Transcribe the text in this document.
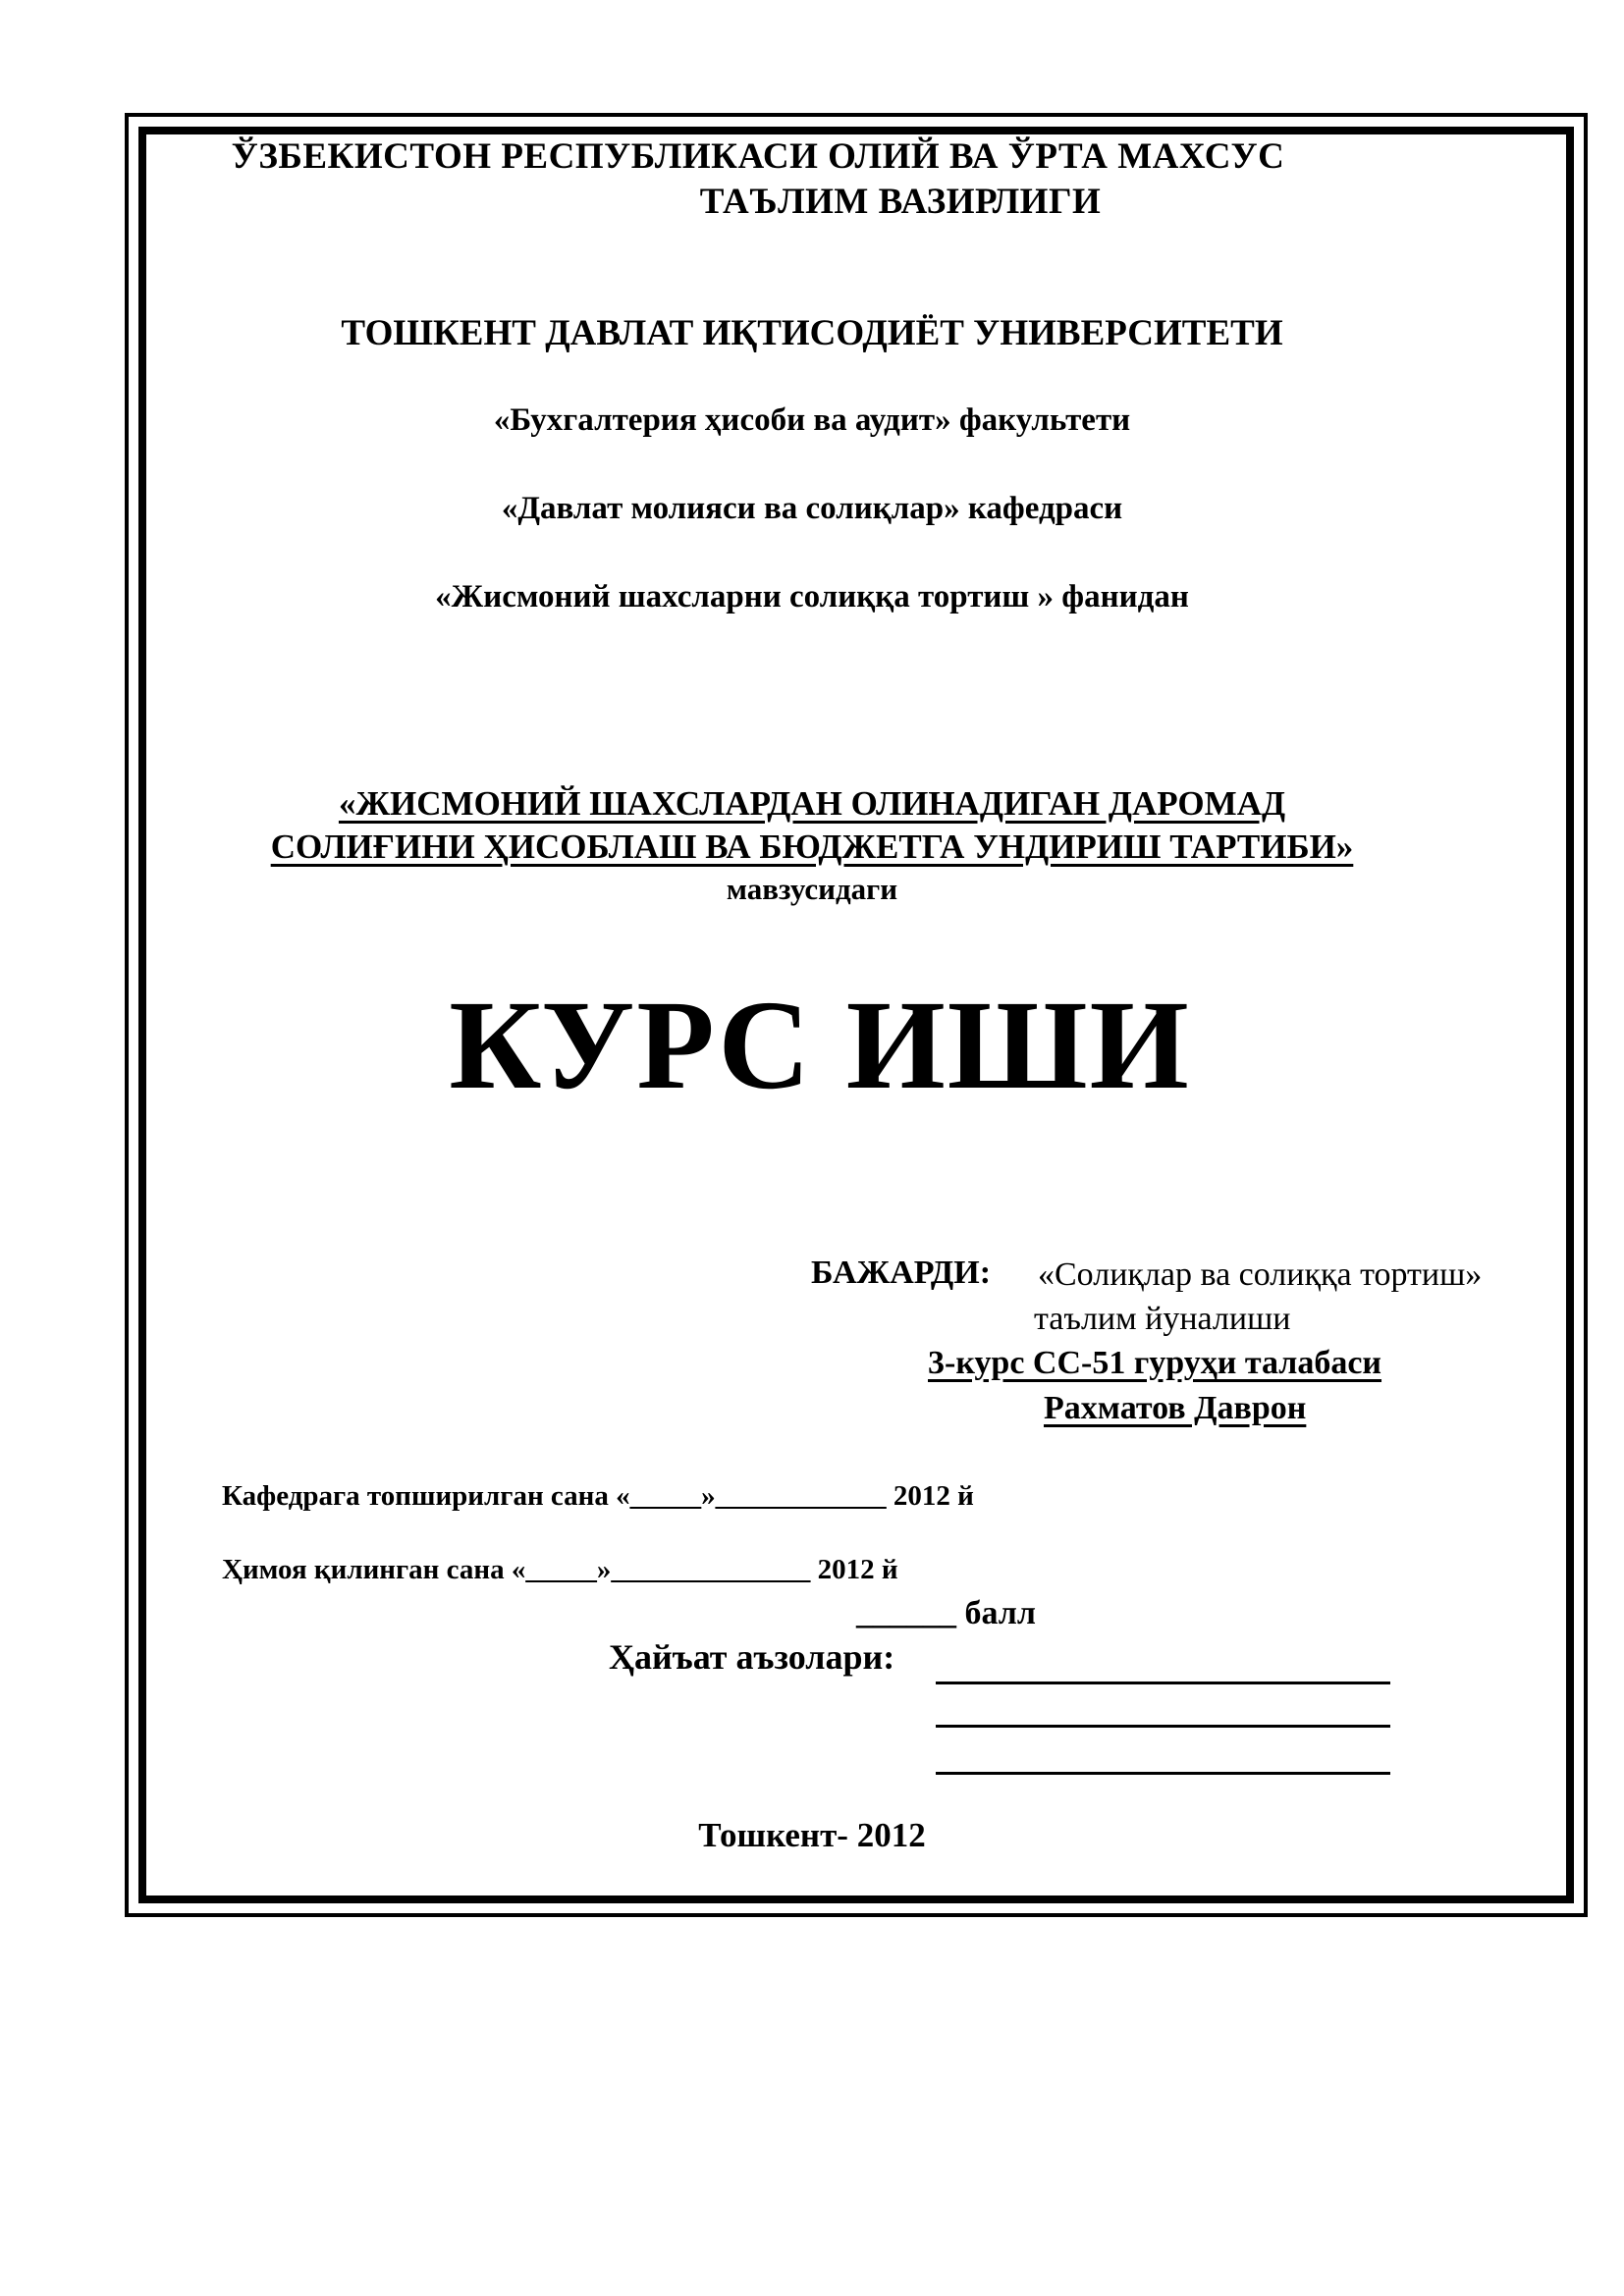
ЎЗБЕКИСТОН РЕСПУБЛИКАСИ ОЛИЙ ВА ЎРТА МАХСУС
ТАЪЛИМ ВАЗИРЛИГИ
ТОШКЕНТ ДАВЛАТ ИҚТИСОДИЁТ УНИВЕРСИТЕТИ
«Бухгалтерия ҳисоби ва аудит» факультети
«Давлат молияси ва солиқлар» кафедраси
«Жисмоний шахсларни солиққа тортиш » фанидан
«ЖИСМОНИЙ ШАХСЛАРДАН ОЛИНАДИГАН ДАРОМАД
СОЛИҒИНИ ҲИСОБЛАШ ВА БЮДЖЕТГА УНДИРИШ ТАРТИБИ»
мавзусидаги
КУРС ИШИ
БАЖАРДИ: «Солиқлар ва солиққа тортиш»
таълим йуналиши
3-курс СС-51 гуруҳи талабаси
Рахматов Даврон
Кафедрага топширилган сана «_____»____________ 2012 й
Ҳимоя қилинган сана «_____»______________ 2012 й
______ балл
Ҳайъат аъзолари:
Тошкент- 2012
